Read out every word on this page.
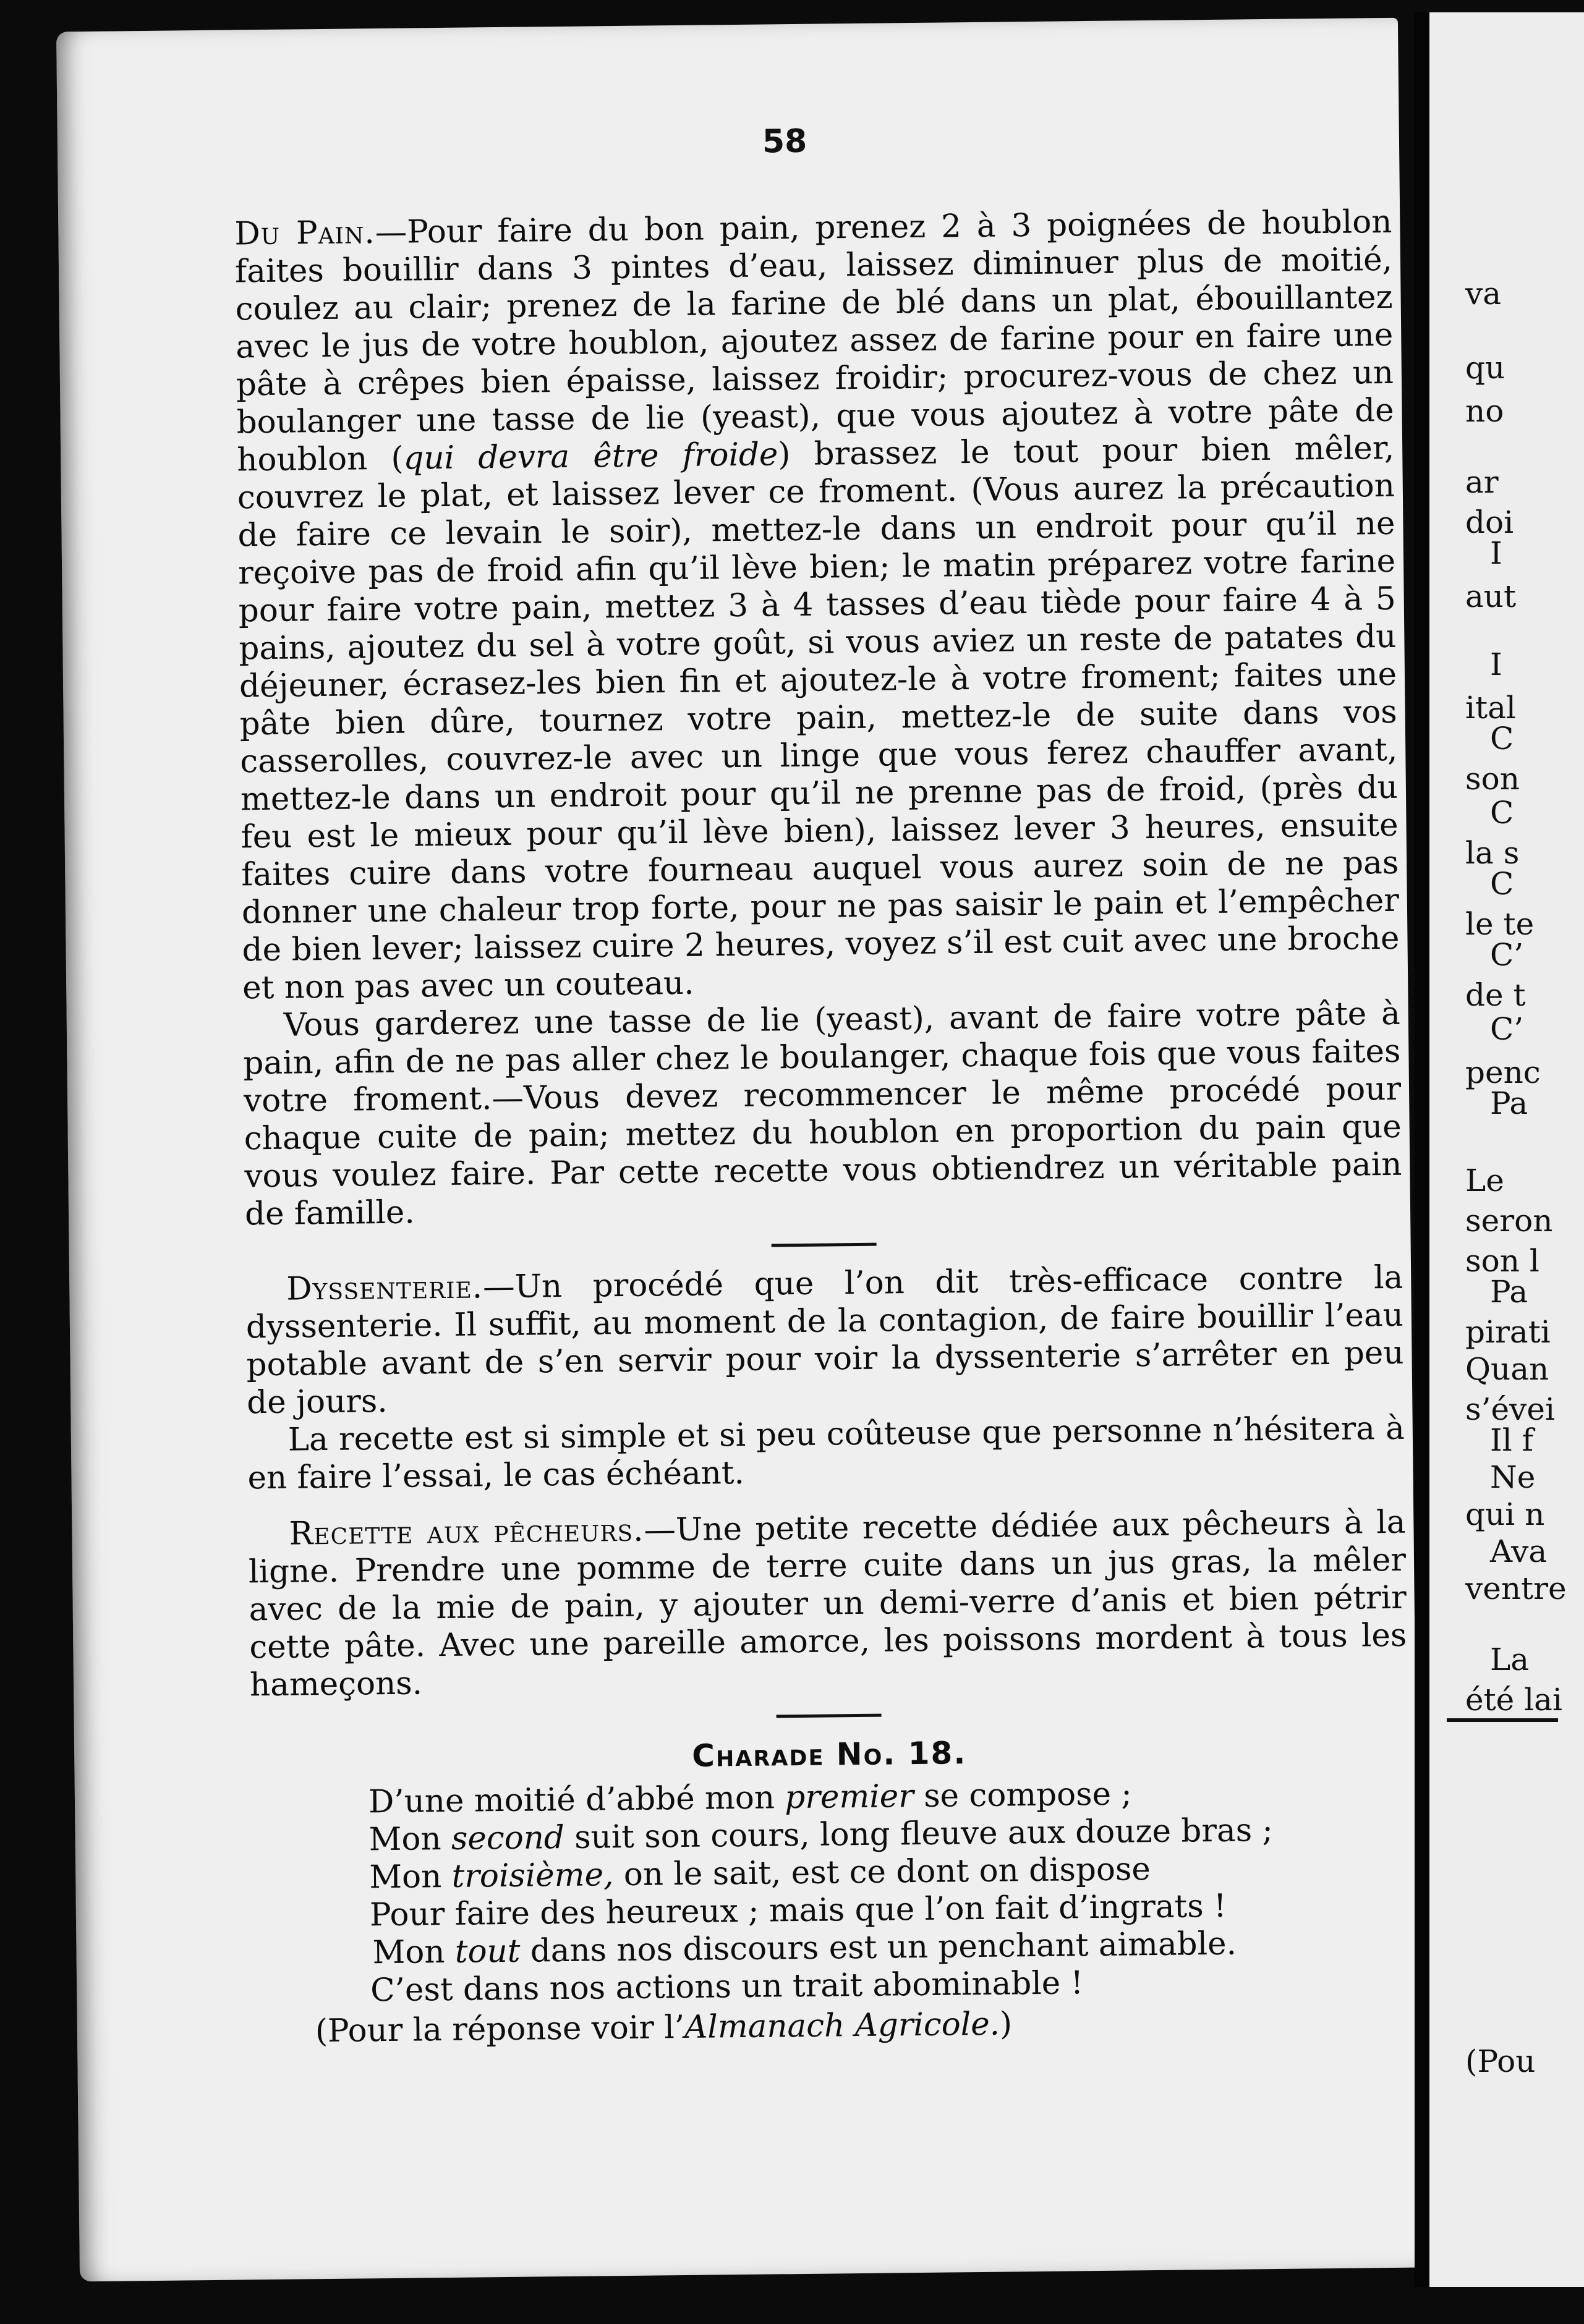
58

Du Pain.—Pour faire du bon pain, prenez 2 à 3 poignées de houblon faites bouillir dans 3 pintes d’eau, laissez diminuer plus de moitié, coulez au clair; prenez de la farine de blé dans un plat, ébouillantez avec le jus de votre houblon, ajoutez assez de farine pour en faire une pâte à crêpes bien épaisse, laissez froidir; procurez-vous de chez un boulanger une tasse de lie (yeast), que vous ajoutez à votre pâte de houblon (qui devra être froide) brassez le tout pour bien mêler, couvrez le plat, et laissez lever ce froment. (Vous aurez la précaution de faire ce levain le soir), mettez-le dans un endroit pour qu’il ne reçoive pas de froid afin qu’il lève bien; le matin préparez votre farine pour faire votre pain, mettez 3 à 4 tasses d’eau tiède pour faire 4 à 5 pains, ajoutez du sel à votre goût, si vous aviez un reste de patates du déjeuner, écrasez-les bien fin et ajoutez-le à votre froment; faites une pâte bien dûre, tournez votre pain, mettez-le de suite dans vos casserolles, couvrez-le avec un linge que vous ferez chauffer avant, mettez-le dans un endroit pour qu’il ne prenne pas de froid, (près du feu est le mieux pour qu’il lève bien), laissez lever 3 heures, ensuite faites cuire dans votre fourneau auquel vous aurez soin de ne pas donner une chaleur trop forte, pour ne pas saisir le pain et l’empêcher de bien lever; laissez cuire 2 heures, voyez s’il est cuit avec une broche et non pas avec un couteau.

Vous garderez une tasse de lie (yeast), avant de faire votre pâte à pain, afin de ne pas aller chez le boulanger, chaque fois que vous faites votre froment.—Vous devez recommencer le même procédé pour chaque cuite de pain; mettez du houblon en proportion du pain que vous voulez faire. Par cette recette vous obtiendrez un véritable pain de famille.

Dyssenterie.—Un procédé que l’on dit très-efficace contre la dyssenterie. Il suffit, au moment de la contagion, de faire bouillir l’eau potable avant de s’en servir pour voir la dyssenterie s’arrêter en peu de jours.

La recette est si simple et si peu coûteuse que personne n’hésitera à en faire l’essai, le cas échéant.

Recette aux pêcheurs.—Une petite recette dédiée aux pêcheurs à la ligne. Prendre une pomme de terre cuite dans un jus gras, la mêler avec de la mie de pain, y ajouter un demi-verre d’anis et bien pétrir cette pâte. Avec une pareille amorce, les poissons mordent à tous les hameçons.

Charade No. 18.
D’une moitié d’abbé mon premier se compose ;
Mon second suit son cours, long fleuve aux douze bras ;
Mon troisième, on le sait, est ce dont on dispose
Pour faire des heureux ; mais que l’on fait d’ingrats !
Mon tout dans nos discours est un penchant aimable.
C’est dans nos actions un trait abominable !
(Pour la réponse voir l’Almanach Agricole.)
va
qu
no
ar
doi
I
aut
I
ital
C
son
C
la s
C
le te
C’
de t
C’
penc
Pa
Le
seron
son l
Pa
pirati
Quan
s’évei
Il f
Ne
qui n
Ava
ventre
La
été lai
(Pou
